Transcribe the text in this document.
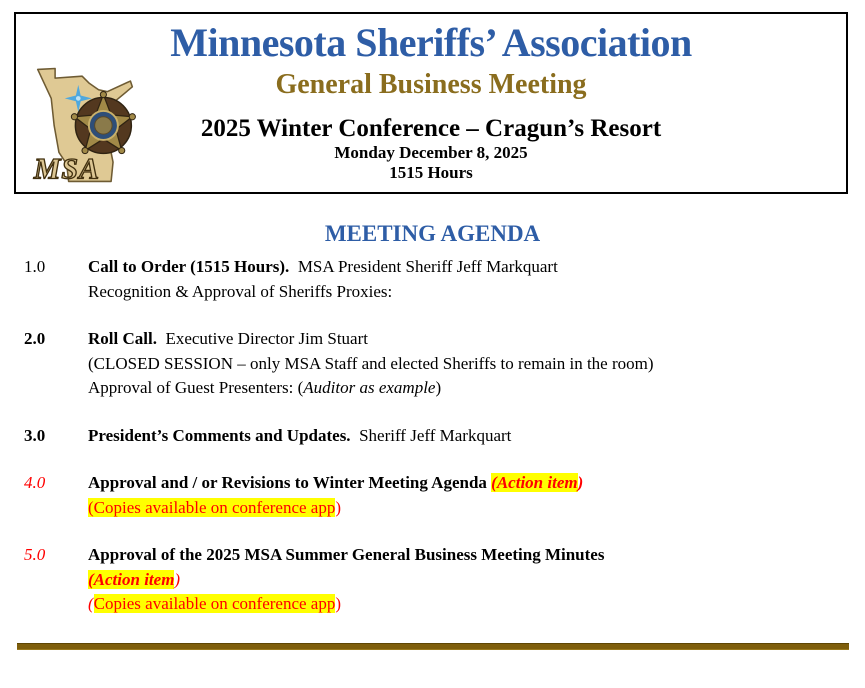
MSA
Minnesota Sheriffs’ Association
General Business Meeting
2025 Winter Conference – Cragun’s Resort
Monday December 8, 2025
1515 Hours
MEETING AGENDA
1.0	Call to Order (1515 Hours).  MSA President Sheriff Jeff Markquart
Recognition & Approval of Sheriffs Proxies:
2.0	Roll Call.  Executive Director Jim Stuart
(CLOSED SESSION – only MSA Staff and elected Sheriffs to remain in the room)
Approval of Guest Presenters: (Auditor as example)
3.0	President’s Comments and Updates.  Sheriff Jeff Markquart
4.0	Approval and / or Revisions to Winter Meeting Agenda (Action item)
(Copies available on conference app)
5.0	Approval of the 2025 MSA Summer General Business Meeting Minutes
(Action item)
(Copies available on conference app)
